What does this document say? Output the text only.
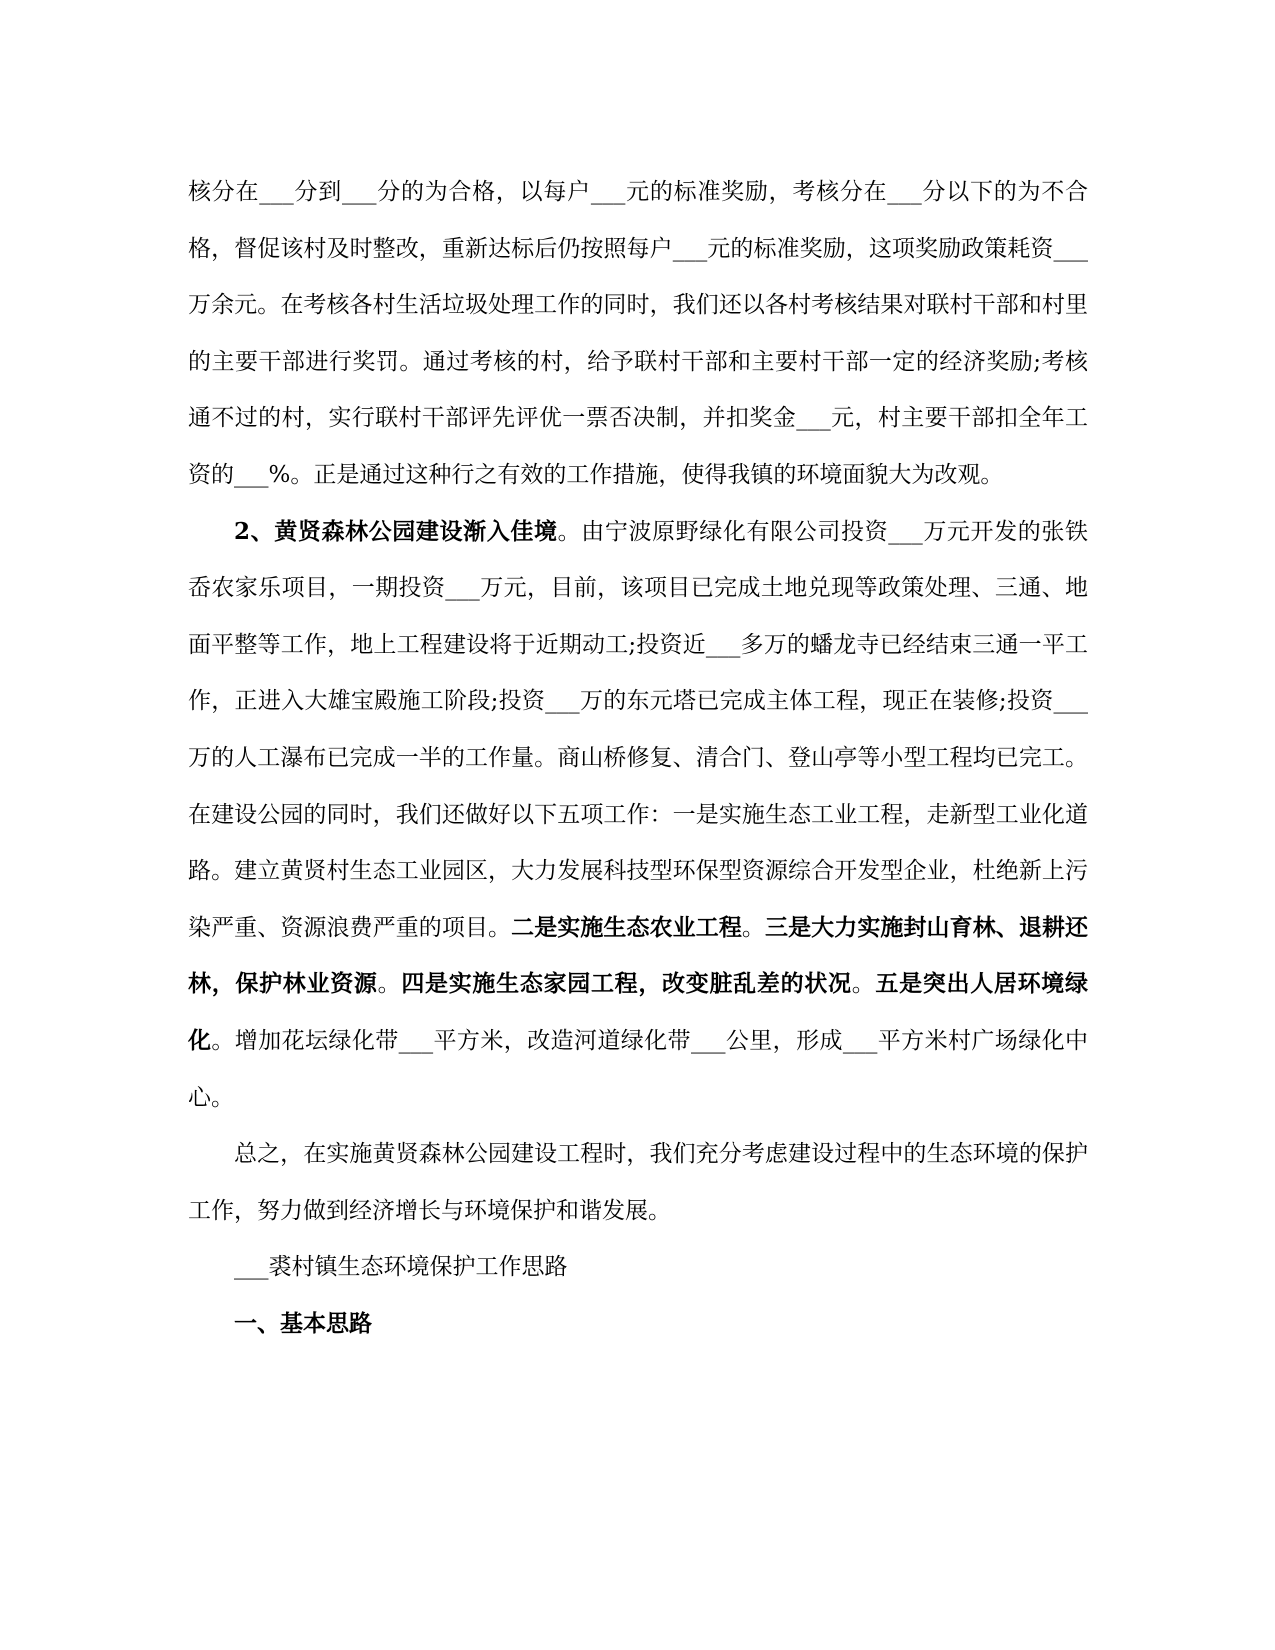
核分在___分到___分的为合格，以每户___元的标准奖励，考核分在___分以下的为不合格，督促该村及时整改，重新达标后仍按照每户___元的标准奖励，这项奖励政策耗资___万余元。在考核各村生活垃圾处理工作的同时，我们还以各村考核结果对联村干部和村里的主要干部进行奖罚。通过考核的村，给予联村干部和主要村干部一定的经济奖励;考核通不过的村，实行联村干部评先评优一票否决制，并扣奖金___元，村主要干部扣全年工资的___%。正是通过这种行之有效的工作措施，使得我镇的环境面貌大为改观。

2、黄贤森林公园建设渐入佳境。由宁波原野绿化有限公司投资___万元开发的张铁岙农家乐项目，一期投资___万元，目前，该项目已完成土地兑现等政策处理、三通、地面平整等工作，地上工程建设将于近期动工;投资近___多万的蟠龙寺已经结束三通一平工作，正进入大雄宝殿施工阶段;投资___万的东元塔已完成主体工程，现正在装修;投资___万的人工瀑布已完成一半的工作量。商山桥修复、清合门、登山亭等小型工程均已完工。在建设公园的同时，我们还做好以下五项工作：一是实施生态工业工程，走新型工业化道路。建立黄贤村生态工业园区，大力发展科技型环保型资源综合开发型企业，杜绝新上污染严重、资源浪费严重的项目。二是实施生态农业工程。三是大力实施封山育林、退耕还林，保护林业资源。四是实施生态家园工程，改变脏乱差的状况。五是突出人居环境绿化。增加花坛绿化带___平方米，改造河道绿化带___公里，形成___平方米村广场绿化中心。

总之，在实施黄贤森林公园建设工程时，我们充分考虑建设过程中的生态环境的保护工作，努力做到经济增长与环境保护和谐发展。

___裘村镇生态环境保护工作思路

一、基本思路
